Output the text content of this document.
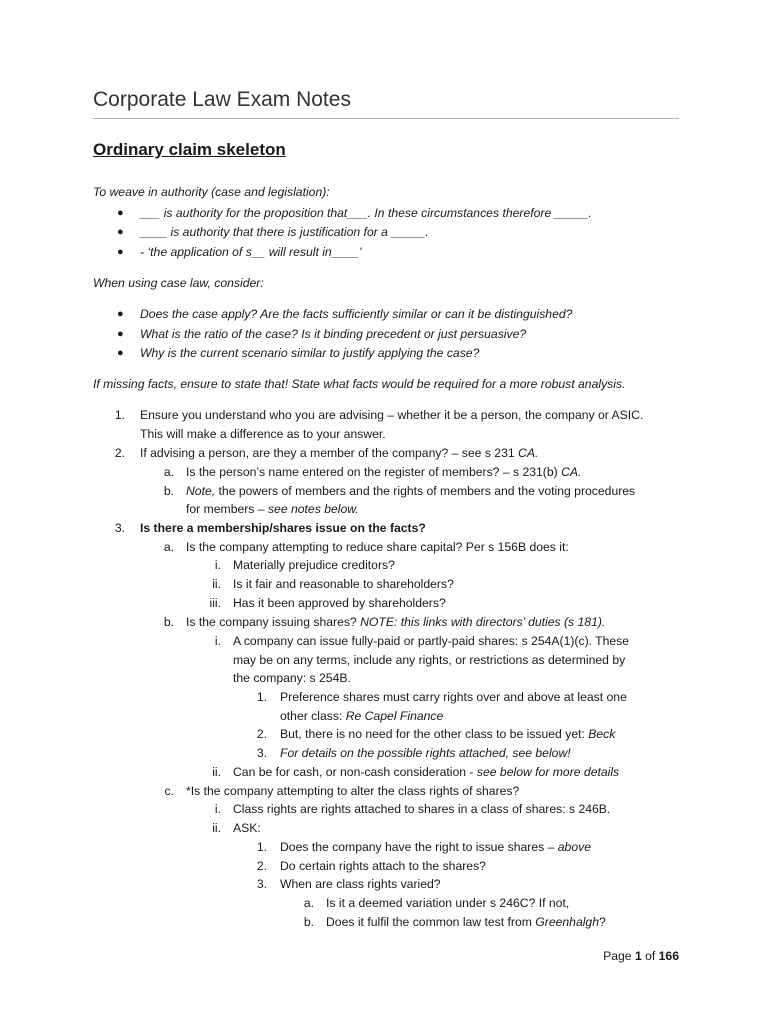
Corporate Law Exam Notes
Ordinary claim skeleton
To weave in authority (case and legislation):
● ___ is authority for the proposition that___. In these circumstances therefore _____.
● ____ is authority that there is justification for a _____.
● - ‘the application of s__ will result in____’
When using case law, consider:
● Does the case apply? Are the facts sufficiently similar or can it be distinguished?
● What is the ratio of the case? Is it binding precedent or just persuasive?
● Why is the current scenario similar to justify applying the case?
If missing facts, ensure to state that! State what facts would be required for a more robust analysis.
1. Ensure you understand who you are advising – whether it be a person, the company or ASIC.
This will make a difference as to your answer.
2. If advising a person, are they a member of the company? – see s 231 CA.
a. Is the person’s name entered on the register of members? – s 231(b) CA.
b. Note, the powers of members and the rights of members and the voting procedures
for members – see notes below.
3. Is there a membership/shares issue on the facts?
a. Is the company attempting to reduce share capital? Per s 156B does it:
i. Materially prejudice creditors?
ii. Is it fair and reasonable to shareholders?
iii. Has it been approved by shareholders?
b. Is the company issuing shares? NOTE: this links with directors’ duties (s 181).
i. A company can issue fully-paid or partly-paid shares: s 254A(1)(c). These
may be on any terms, include any rights, or restrictions as determined by
the company: s 254B.
1. Preference shares must carry rights over and above at least one
other class: Re Capel Finance
2. But, there is no need for the other class to be issued yet: Beck
3. For details on the possible rights attached, see below!
ii. Can be for cash, or non-cash consideration - see below for more details
c. *Is the company attempting to alter the class rights of shares?
i. Class rights are rights attached to shares in a class of shares: s 246B.
ii. ASK:
1. Does the company have the right to issue shares – above
2. Do certain rights attach to the shares?
3. When are class rights varied?
a. Is it a deemed variation under s 246C? If not,
b. Does it fulfil the common law test from Greenhalgh?
Page 1 of 166
